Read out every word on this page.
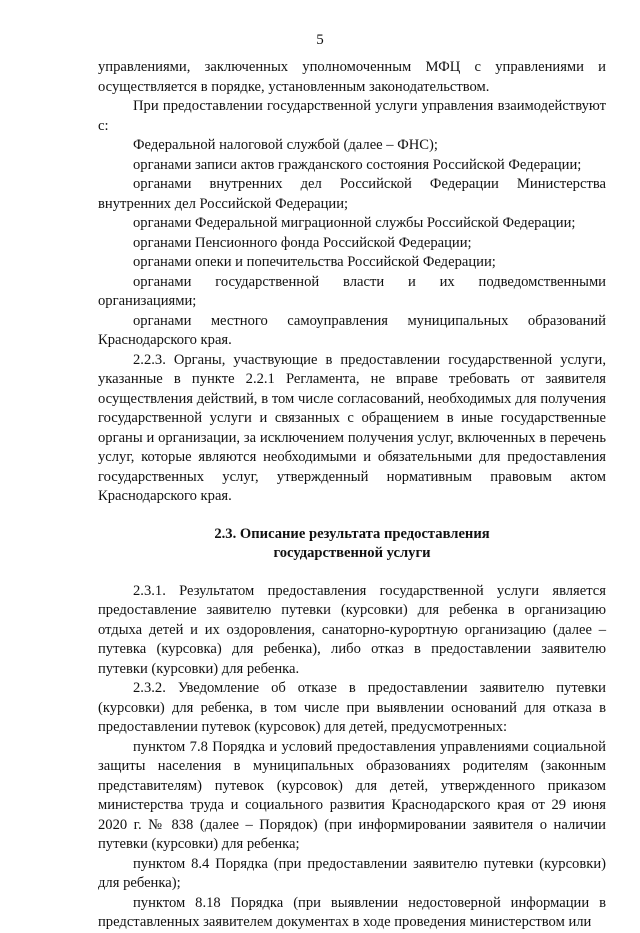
5

управлениями, заключенных уполномоченным МФЦ с управлениями и осуществляется в порядке, установленным законодательством.

При предоставлении государственной услуги управления взаимодействуют с:

Федеральной налоговой службой (далее – ФНС);

органами записи актов гражданского состояния Российской Федерации;

органами внутренних дел Российской Федерации Министерства внутренних дел Российской Федерации;

органами Федеральной миграционной службы Российской Федерации;

органами Пенсионного фонда Российской Федерации;

органами опеки и попечительства Российской Федерации;

органами государственной власти и их подведомственными организациями;

органами местного самоуправления муниципальных образований Краснодарского края.

2.2.3. Органы, участвующие в предоставлении государственной услуги, указанные в пункте 2.2.1 Регламента, не вправе требовать от заявителя осуществления действий, в том числе согласований, необходимых для получения государственной услуги и связанных с обращением в иные государственные органы и организации, за исключением получения услуг, включенных в перечень услуг, которые являются необходимыми и обязательными для предоставления государственных услуг, утвержденный нормативным правовым актом Краснодарского края.

2.3. Описание результата предоставления
государственной услуги

2.3.1. Результатом предоставления государственной услуги является предоставление заявителю путевки (курсовки) для ребенка в организацию отдыха детей и их оздоровления, санаторно-курортную организацию (далее – путевка (курсовка) для ребенка), либо отказ в предоставлении заявителю путевки (курсовки) для ребенка.

2.3.2. Уведомление об отказе в предоставлении заявителю путевки (курсовки) для ребенка, в том числе при выявлении оснований для отказа в предоставлении путевок (курсовок) для детей, предусмотренных:

пунктом 7.8 Порядка и условий предоставления управлениями социальной защиты населения в муниципальных образованиях родителям (законным представителям) путевок (курсовок) для детей, утвержденного приказом министерства труда и социального развития Краснодарского края от 29 июня 2020 г. № 838 (далее – Порядок) (при информировании заявителя о наличии путевки (курсовки) для ребенка;

пунктом 8.4 Порядка (при предоставлении заявителю путевки (курсовки) для ребенка);

пунктом 8.18 Порядка (при выявлении недостоверной информации в представленных заявителем документах в ходе проведения министерством или
